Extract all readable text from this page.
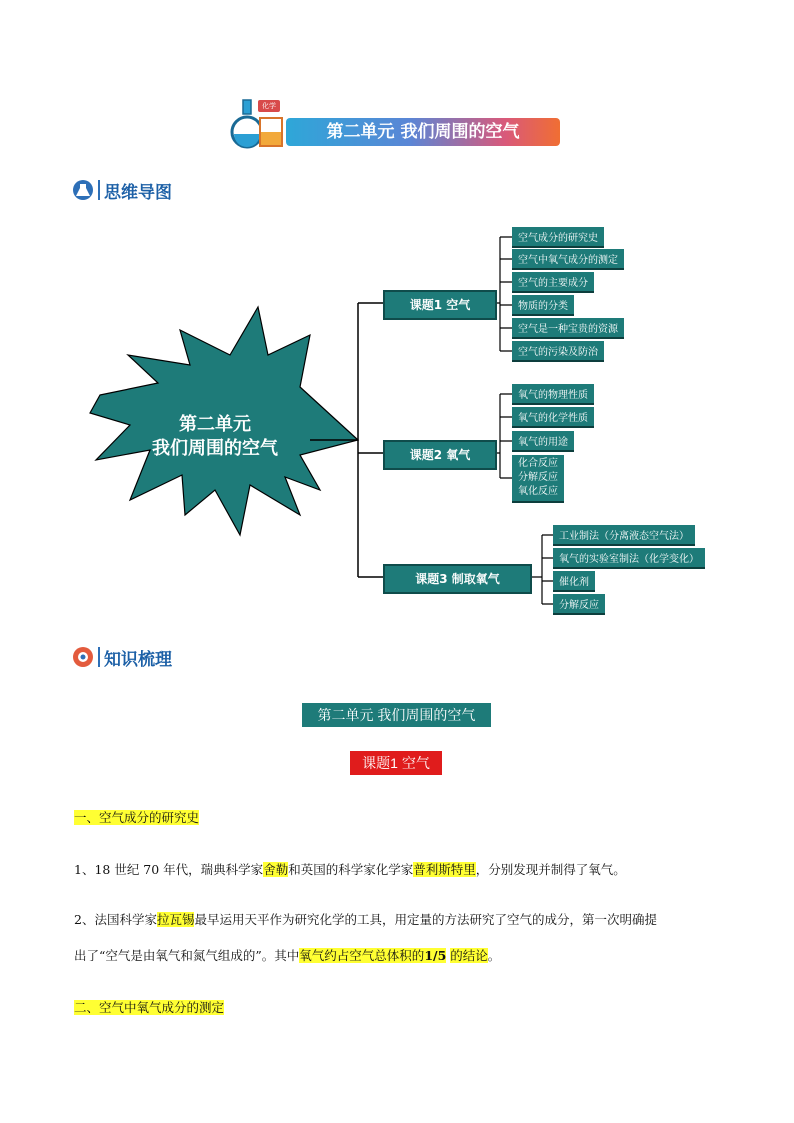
化学
第二单元 我们周围的空气
思维导图
第二单元
我们周围的空气
课题1 空气
课题2 氧气
课题3 制取氧气
空气成分的研究史
空气中氧气成分的测定
空气的主要成分
物质的分类
空气是一种宝贵的资源
空气的污染及防治
氧气的物理性质
氧气的化学性质
氧气的用途
化合反应
分解反应
氧化反应
工业制法（分离液态空气法）
氧气的实验室制法（化学变化）
催化剂
分解反应
知识梳理
第二单元 我们周围的空气
课题1 空气
一、空气成分的研究史
1、18 世纪 70 年代，瑞典科学家舍勒和英国的科学家化学家普利斯特里，分别发现并制得了氧气。
2、法国科学家拉瓦锡最早运用天平作为研究化学的工具，用定量的方法研究了空气的成分，第一次明确提
出了“空气是由氧气和氮气组成的”。其中氧气约占空气总体积的1/5 的结论。
二、空气中氧气成分的测定
